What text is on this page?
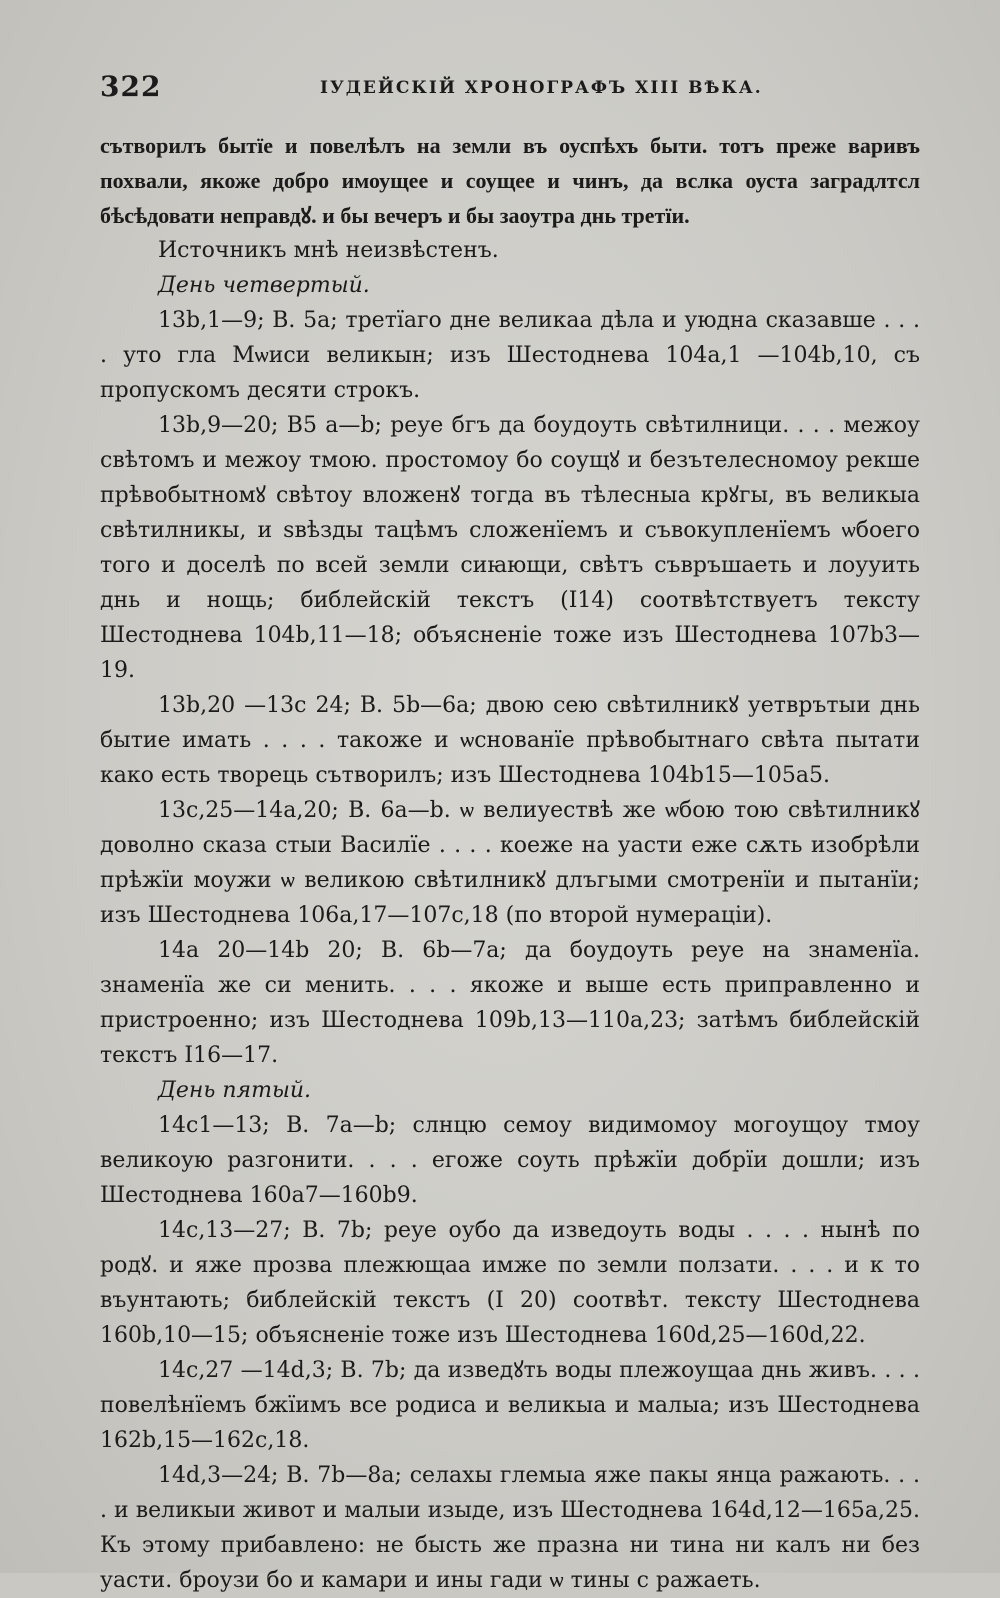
322	ІУДЕЙСКІЙ ХРОНОГРАФЪ XIII ВѢКА.

сътворилъ бытїе и повелѣлъ на земли въ оуспѣхъ быти. тотъ преже варивъ похвали, якоже добро имоущее и соущее и чинъ, да вслка оуста заградлтсл бѣсѣдовати неправдꙋ. и бы вечеръ и бы заоутра днь третїи.

Источникъ мнѣ неизвѣстенъ.

День четвертый.

13b,1—9; В. 5a; третїаго дне великаа дѣла и уюдна сказавше . . . . уто гла Мѡиси великын; изъ Шестоднева 104a,1 —104b,10, съ пропускомъ десяти строкъ.

13b,9—20; В5 a—b; реуе бгъ да боудоуть свѣтилници. . . . межоу свѣтомъ и межоу тмою. простомоу бо соущꙋ и безътелесномоу рекше прѣвобытномꙋ свѣтоу вложенꙋ тогда въ тѣлесныа крꙋгы, въ великыа свѣтилникы, и ѕвѣзды тацѣмъ сложенїемъ и съвокупленїемъ ѡбоего того и доселѣ по всей земли сиꙗющи, свѣтъ съвръшаеть и лоууить днь и нощь; библейскій текстъ (I14) соотвѣтствуетъ тексту Шестоднева 104b,11—18; объясненіе тоже изъ Шестоднева 107b3—19.

13b,20 —13c 24; В. 5b—6a; двою сею свѣтилникꙋ уетврътыи днь бытие имать . . . . такоже и ѡснованїе прѣвобытнаго свѣта пытати како есть творець сътворилъ; изъ Шестоднева 104b15—105a5.

13c,25—14a,20; В. 6a—b. ѡ велиуествѣ же ѡбою тою свѣтилникꙋ доволно сказа стыи Василїе . . . . коеже на уасти еже сѫть изобрѣли прѣжїи моужи ѡ великою свѣтилникꙋ длъгыми смотренїи и пытанїи; изъ Шестоднева 106a,17—107c,18 (по второй нумераціи).

14a 20—14b 20; В. 6b—7a; да боудоуть реуе на знаменїа. знаменїа же си менить. . . . якоже и выше есть приправленно и пристроенно; изъ Шестоднева 109b,13—110a,23; затѣмъ библейскій текстъ I16—17.

День пятый.

14c1—13; В. 7a—b; слнцю семоу видимомоу могоущоу тмоу великоую разгонити. . . . егоже соуть прѣжїи добрїи дошли; изъ Шестоднева 160a7—160b9.

14c,13—27; В. 7b; реуе оубо да изведоуть воды . . . . нынѣ по родꙋ. и яже прозва плежющаа имже по земли ползати. . . . и к то въунтають; библейскій текстъ (I 20) соотвѣт. тексту Шестоднева 160b,10—15; объясненіе тоже изъ Шестоднева 160d,25—160d,22.

14c,27 —14d,3; В. 7b; да изведꙋть воды плежоущаа днь живъ. . . . повелѣнїемъ бжїимъ все родиса и великыа и малыа; изъ Шестоднева 162b,15—162c,18.

14d,3—24; В. 7b—8a; селахы глемыа яже пакы янца ражають. . . . и великыи живот и малыи изыде, изъ Шестоднева 164d,12—165a,25. Къ этому прибавлено: не бысть же празна ни тина ни калъ ни без уасти. броузи бо и камари и ины гади ѡ тины с ражаеть.
